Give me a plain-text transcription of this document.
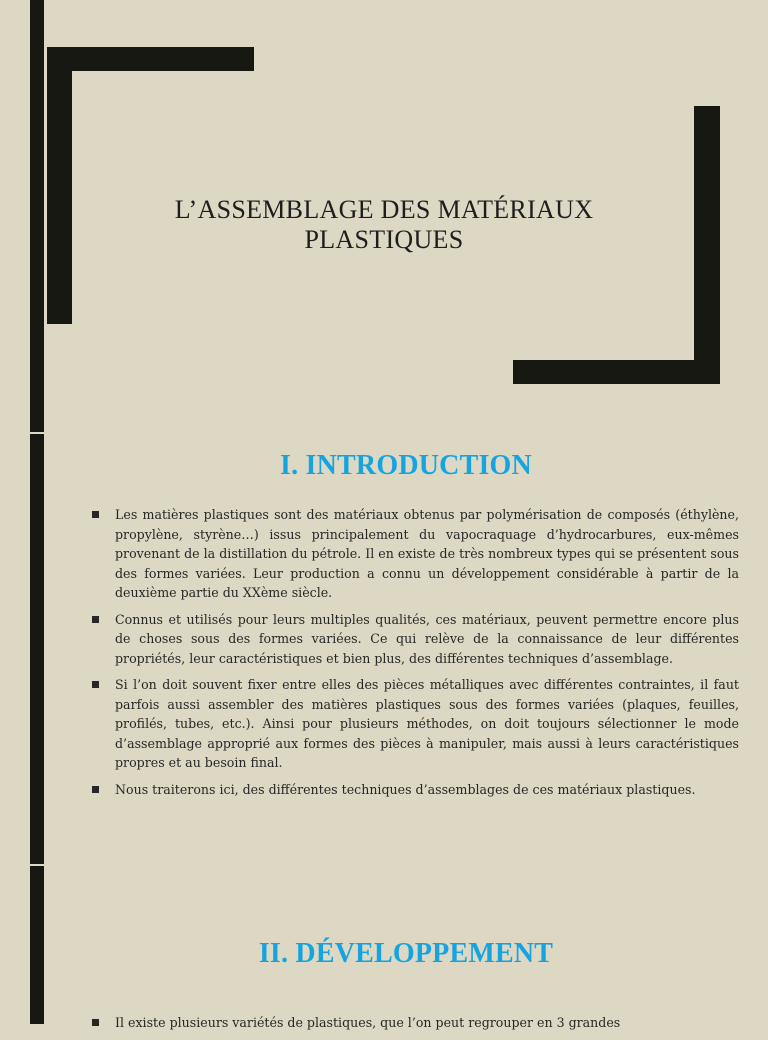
L’ASSEMBLAGE DES MATÉRIAUX
PLASTIQUES
I. INTRODUCTION
Les matières plastiques sont des matériaux obtenus par polymérisation de composés (éthylène, propylène, styrène…) issus principalement du vapocraquage d’hydrocarbures, eux-mêmes provenant de la distillation du pétrole. Il en existe de très nombreux types qui se présentent sous des formes variées. Leur production a connu un développement considérable à partir de la deuxième partie du XXème siècle.
Connus et utilisés pour leurs multiples qualités, ces matériaux, peuvent permettre encore plus de choses sous des formes variées. Ce qui relève de la connaissance de leur différentes propriétés, leur caractéristiques et bien plus, des différentes techniques d’assemblage.
Si l’on doit souvent fixer entre elles des pièces métalliques avec différentes contraintes, il faut parfois aussi assembler des matières plastiques sous des formes variées (plaques, feuilles, profilés, tubes, etc.). Ainsi pour plusieurs méthodes, on doit toujours sélectionner le mode d’assemblage approprié aux formes des pièces à manipuler, mais aussi à leurs caractéristiques propres et au besoin final.
Nous traiterons ici, des différentes techniques d’assemblages de ces matériaux plastiques.
II. DÉVELOPPEMENT
Il existe plusieurs variétés de plastiques, que l’on peut regrouper en 3 grandes
